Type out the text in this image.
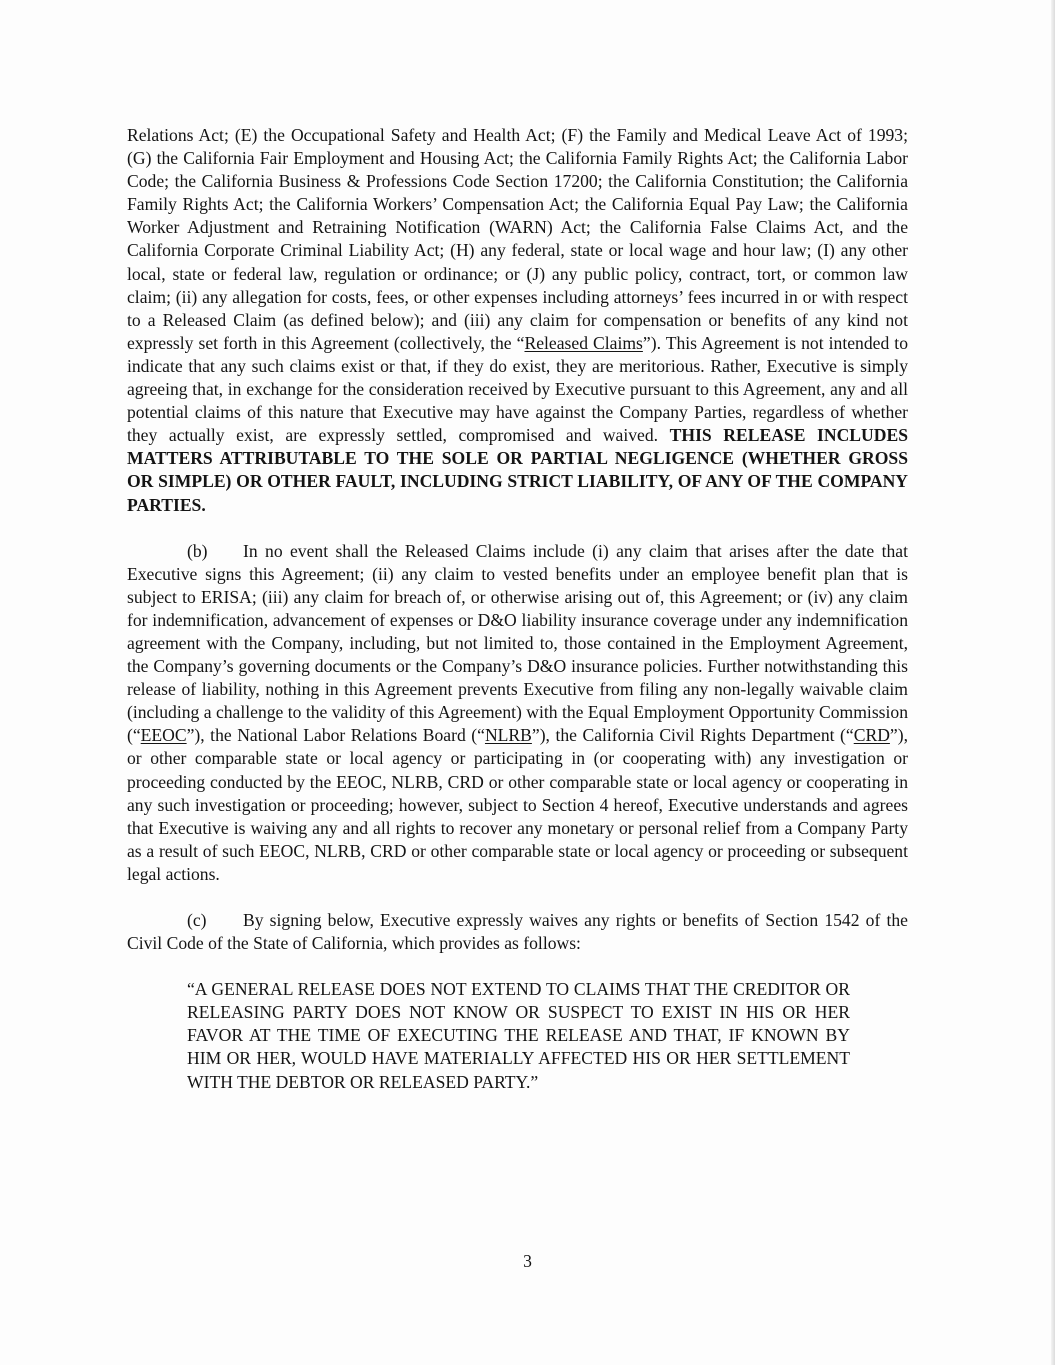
Relations Act; (E) the Occupational Safety and Health Act; (F) the Family and Medical Leave Act of 1993; (G) the California Fair Employment and Housing Act; the California Family Rights Act; the California Labor Code; the California Business & Professions Code Section 17200; the California Constitution; the California Family Rights Act; the California Workers’ Compensation Act; the California Equal Pay Law; the California Worker Adjustment and Retraining Notification (WARN) Act; the California False Claims Act, and the California Corporate Criminal Liability Act; (H) any federal, state or local wage and hour law; (I) any other local, state or federal law, regulation or ordinance; or (J) any public policy, contract, tort, or common law claim; (ii) any allegation for costs, fees, or other expenses including attorneys’ fees incurred in or with respect to a Released Claim (as defined below); and (iii) any claim for compensation or benefits of any kind not expressly set forth in this Agreement (collectively, the “Released Claims”). This Agreement is not intended to indicate that any such claims exist or that, if they do exist, they are meritorious. Rather, Executive is simply agreeing that, in exchange for the consideration received by Executive pursuant to this Agreement, any and all potential claims of this nature that Executive may have against the Company Parties, regardless of whether they actually exist, are expressly settled, compromised and waived. THIS RELEASE INCLUDES MATTERS ATTRIBUTABLE TO THE SOLE OR PARTIAL NEGLIGENCE (WHETHER GROSS OR SIMPLE) OR OTHER FAULT, INCLUDING STRICT LIABILITY, OF ANY OF THE COMPANY PARTIES.

(b) In no event shall the Released Claims include (i) any claim that arises after the date that Executive signs this Agreement; (ii) any claim to vested benefits under an employee benefit plan that is subject to ERISA; (iii) any claim for breach of, or otherwise arising out of, this Agreement; or (iv) any claim for indemnification, advancement of expenses or D&O liability insurance coverage under any indemnification agreement with the Company, including, but not limited to, those contained in the Employment Agreement, the Company’s governing documents or the Company’s D&O insurance policies. Further notwithstanding this release of liability, nothing in this Agreement prevents Executive from filing any non-legally waivable claim (including a challenge to the validity of this Agreement) with the Equal Employment Opportunity Commission (“EEOC”), the National Labor Relations Board (“NLRB”), the California Civil Rights Department (“CRD”), or other comparable state or local agency or participating in (or cooperating with) any investigation or proceeding conducted by the EEOC, NLRB, CRD or other comparable state or local agency or cooperating in any such investigation or proceeding; however, subject to Section 4 hereof, Executive understands and agrees that Executive is waiving any and all rights to recover any monetary or personal relief from a Company Party as a result of such EEOC, NLRB, CRD or other comparable state or local agency or proceeding or subsequent legal actions.

(c) By signing below, Executive expressly waives any rights or benefits of Section 1542 of the Civil Code of the State of California, which provides as follows:

“A GENERAL RELEASE DOES NOT EXTEND TO CLAIMS THAT THE CREDITOR OR RELEASING PARTY DOES NOT KNOW OR SUSPECT TO EXIST IN HIS OR HER FAVOR AT THE TIME OF EXECUTING THE RELEASE AND THAT, IF KNOWN BY HIM OR HER, WOULD HAVE MATERIALLY AFFECTED HIS OR HER SETTLEMENT WITH THE DEBTOR OR RELEASED PARTY.”

3
